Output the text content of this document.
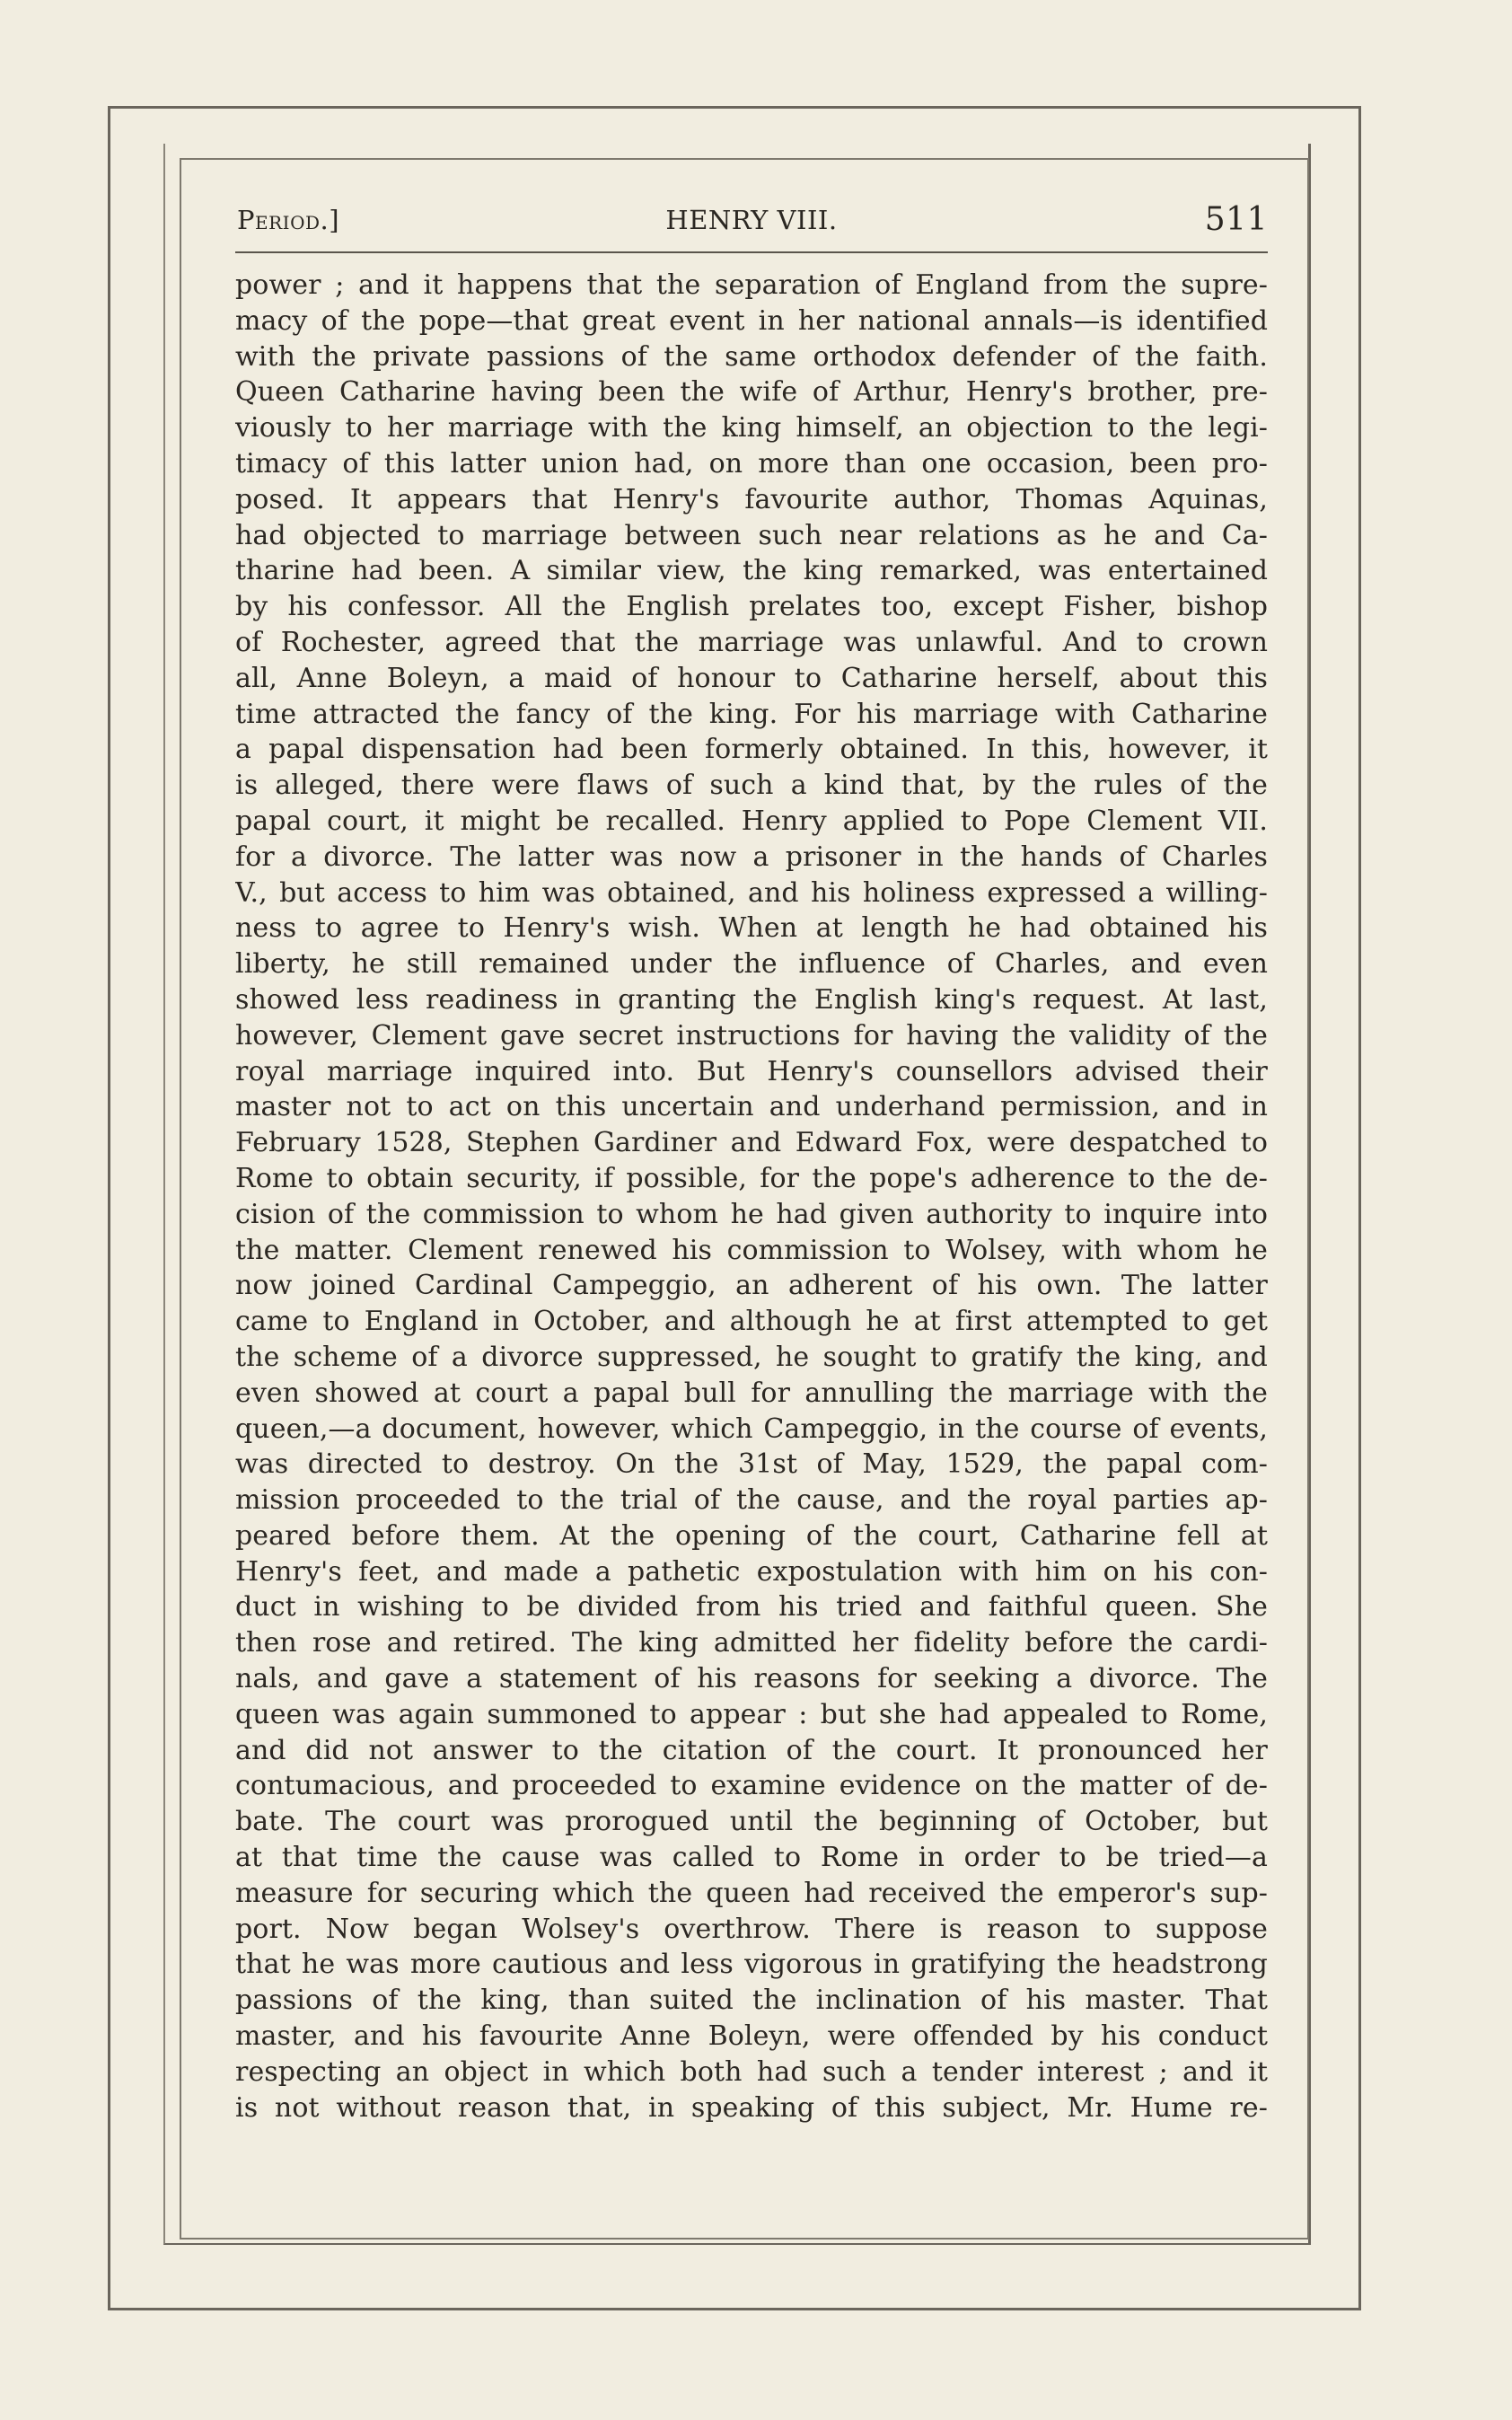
Period.]	HENRY VIII.	511
power ; and it happens that the separation of England from the supre-
macy of the pope—that great event in her national annals—is identified
with the private passions of the same orthodox defender of the faith.
Queen Catharine having been the wife of Arthur, Henry's brother, pre-
viously to her marriage with the king himself, an objection to the legi-
timacy of this latter union had, on more than one occasion, been pro-
posed. It appears that Henry's favourite author, Thomas Aquinas,
had objected to marriage between such near relations as he and Ca-
tharine had been. A similar view, the king remarked, was entertained
by his confessor. All the English prelates too, except Fisher, bishop
of Rochester, agreed that the marriage was unlawful. And to crown
all, Anne Boleyn, a maid of honour to Catharine herself, about this
time attracted the fancy of the king. For his marriage with Catharine
a papal dispensation had been formerly obtained. In this, however, it
is alleged, there were flaws of such a kind that, by the rules of the
papal court, it might be recalled. Henry applied to Pope Clement VII.
for a divorce. The latter was now a prisoner in the hands of Charles
V., but access to him was obtained, and his holiness expressed a willing-
ness to agree to Henry's wish. When at length he had obtained his
liberty, he still remained under the influence of Charles, and even
showed less readiness in granting the English king's request. At last,
however, Clement gave secret instructions for having the validity of the
royal marriage inquired into. But Henry's counsellors advised their
master not to act on this uncertain and underhand permission, and in
February 1528, Stephen Gardiner and Edward Fox, were despatched to
Rome to obtain security, if possible, for the pope's adherence to the de-
cision of the commission to whom he had given authority to inquire into
the matter. Clement renewed his commission to Wolsey, with whom he
now joined Cardinal Campeggio, an adherent of his own. The latter
came to England in October, and although he at first attempted to get
the scheme of a divorce suppressed, he sought to gratify the king, and
even showed at court a papal bull for annulling the marriage with the
queen,—a document, however, which Campeggio, in the course of events,
was directed to destroy. On the 31st of May, 1529, the papal com-
mission proceeded to the trial of the cause, and the royal parties ap-
peared before them. At the opening of the court, Catharine fell at
Henry's feet, and made a pathetic expostulation with him on his con-
duct in wishing to be divided from his tried and faithful queen. She
then rose and retired. The king admitted her fidelity before the cardi-
nals, and gave a statement of his reasons for seeking a divorce. The
queen was again summoned to appear : but she had appealed to Rome,
and did not answer to the citation of the court. It pronounced her
contumacious, and proceeded to examine evidence on the matter of de-
bate. The court was prorogued until the beginning of October, but
at that time the cause was called to Rome in order to be tried—a
measure for securing which the queen had received the emperor's sup-
port. Now began Wolsey's overthrow. There is reason to suppose
that he was more cautious and less vigorous in gratifying the headstrong
passions of the king, than suited the inclination of his master. That
master, and his favourite Anne Boleyn, were offended by his conduct
respecting an object in which both had such a tender interest ; and it
is not without reason that, in speaking of this subject, Mr. Hume re-
